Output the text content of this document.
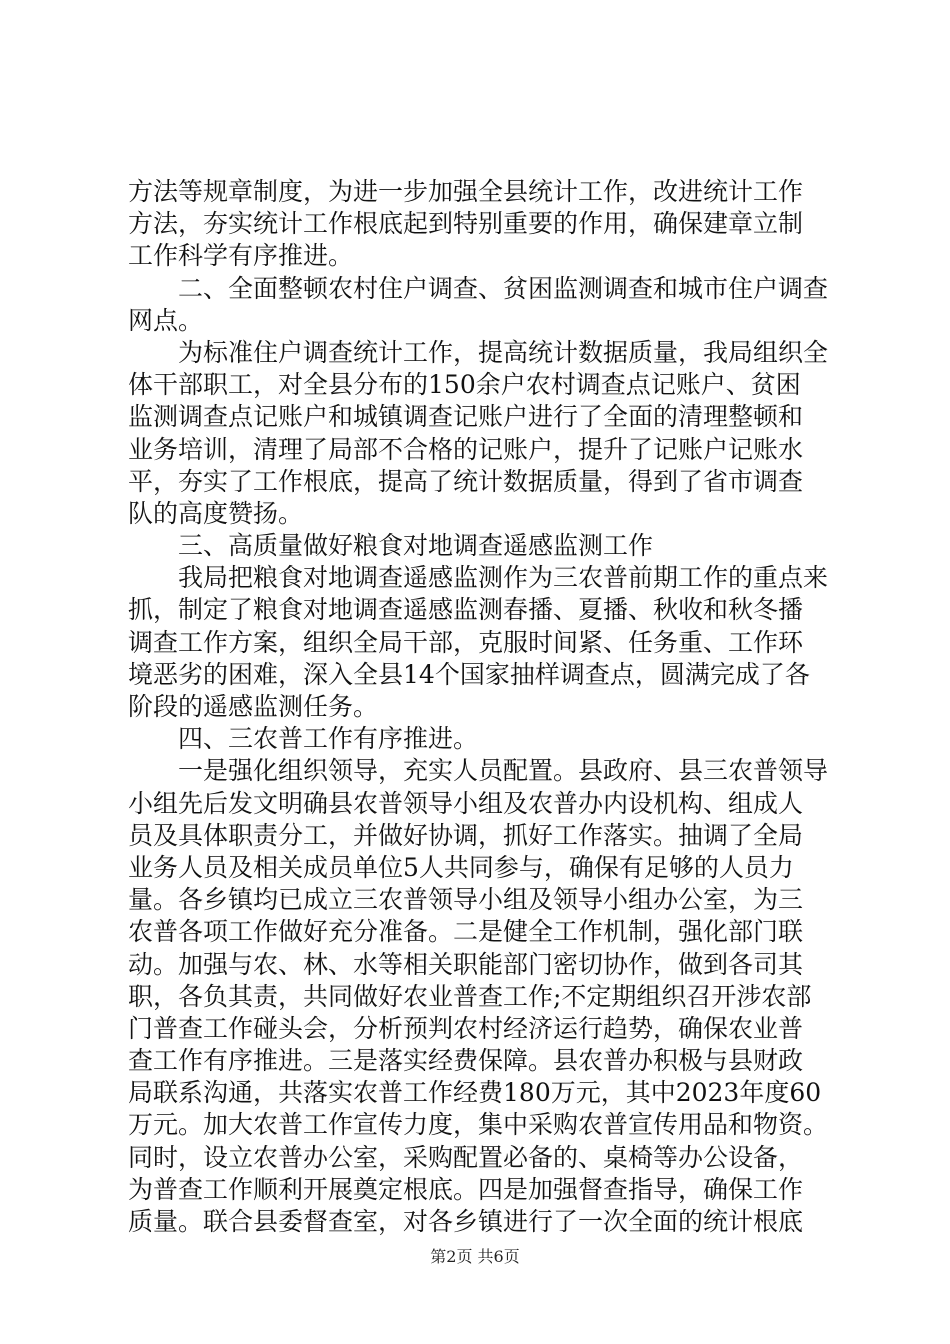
方法等规章制度，为进一步加强全县统计工作，改进统计工作
方法，夯实统计工作根底起到特别重要的作用，确保建章立制
工作科学有序推进。
　　二、全面整顿农村住户调查、贫困监测调查和城市住户调查
网点。
　　为标准住户调查统计工作，提高统计数据质量，我局组织全
体干部职工，对全县分布的150余户农村调查点记账户、贫困
监测调查点记账户和城镇调查记账户进行了全面的清理整顿和
业务培训，清理了局部不合格的记账户，提升了记账户记账水
平，夯实了工作根底，提高了统计数据质量，得到了省市调查
队的高度赞扬。
　　三、高质量做好粮食对地调查遥感监测工作
　　我局把粮食对地调查遥感监测作为三农普前期工作的重点来
抓，制定了粮食对地调查遥感监测春播、夏播、秋收和秋冬播
调查工作方案，组织全局干部，克服时间紧、任务重、工作环
境恶劣的困难，深入全县14个国家抽样调查点，圆满完成了各
阶段的遥感监测任务。
　　四、三农普工作有序推进。
　　一是强化组织领导，充实人员配置。县政府、县三农普领导
小组先后发文明确县农普领导小组及农普办内设机构、组成人
员及具体职责分工，并做好协调，抓好工作落实。抽调了全局
业务人员及相关成员单位5人共同参与，确保有足够的人员力
量。各乡镇均已成立三农普领导小组及领导小组办公室，为三
农普各项工作做好充分准备。二是健全工作机制，强化部门联
动。加强与农、林、水等相关职能部门密切协作，做到各司其
职，各负其责，共同做好农业普查工作;不定期组织召开涉农部
门普查工作碰头会，分析预判农村经济运行趋势，确保农业普
查工作有序推进。三是落实经费保障。县农普办积极与县财政
局联系沟通，共落实农普工作经费180万元，其中2023年度60
万元。加大农普工作宣传力度，集中采购农普宣传用品和物资。
同时，设立农普办公室，采购配置必备的、桌椅等办公设备，
为普查工作顺利开展奠定根底。四是加强督查指导，确保工作
质量。联合县委督查室，对各乡镇进行了一次全面的统计根底
第2页 共6页
